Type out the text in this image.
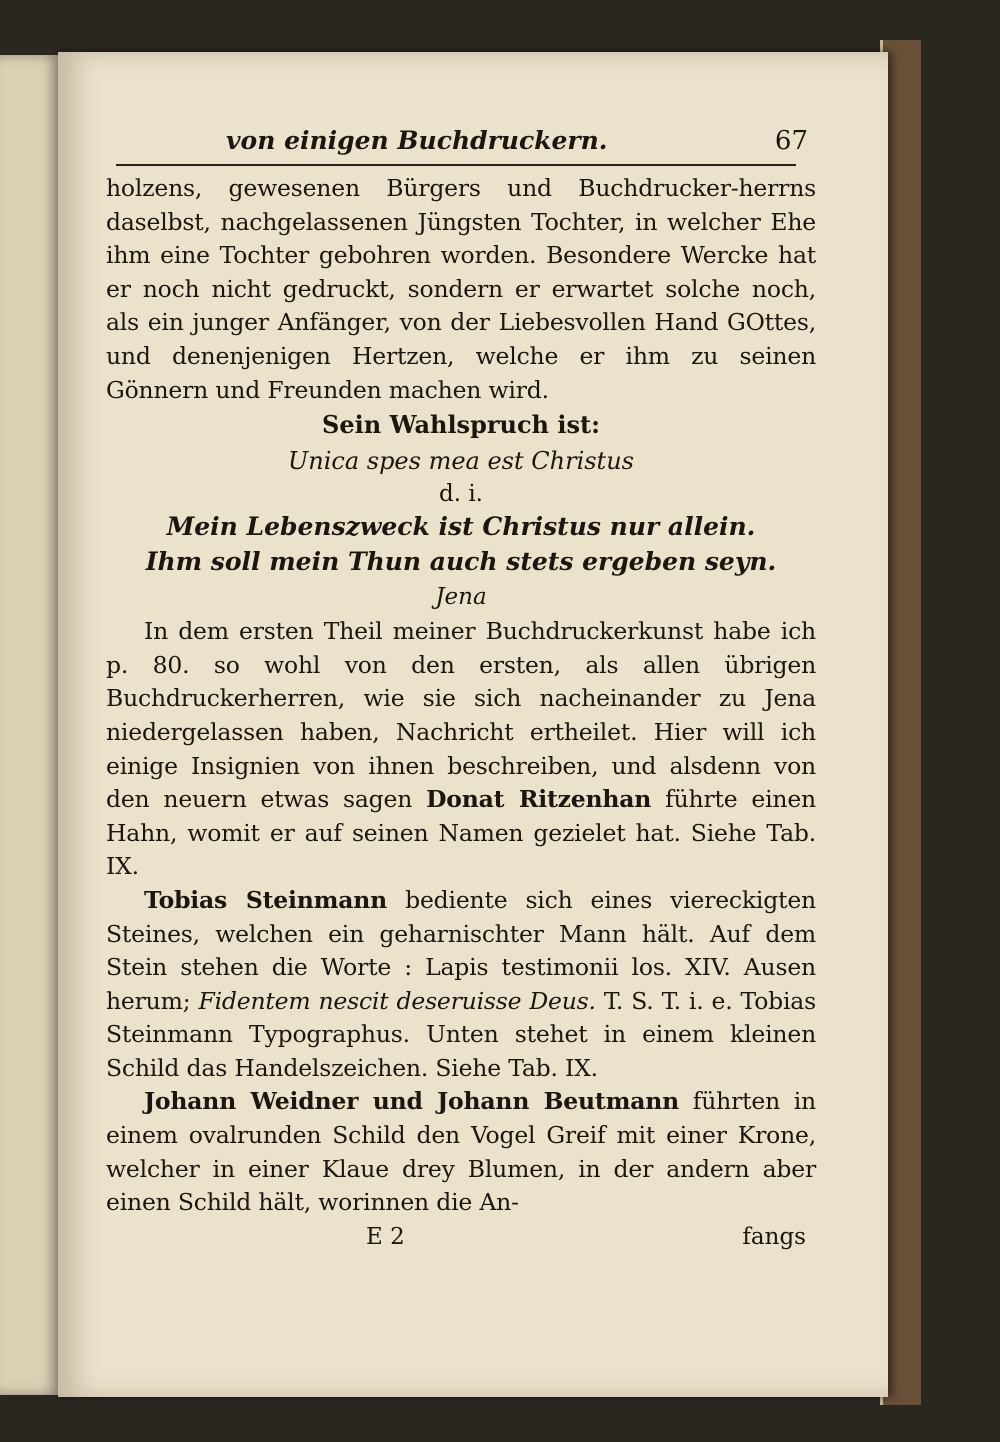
von einigen Buchdruckern.	67

holzens, gewesenen Bürgers und Buchdrucker-herrns daselbst, nachgelassenen Jüngsten Tochter, in welcher Ehe ihm eine Tochter gebohren worden. Besondere Wercke hat er noch nicht gedruckt, sondern er erwartet solche noch, als ein junger Anfänger, von der Liebesvollen Hand GOttes, und denenjenigen Hertzen, welche er ihm zu seinen Gönnern und Freunden machen wird.

Sein Wahlspruch ist:

Unica spes mea est Christus

d. i.

Mein Lebenszweck ist Christus nur allein.

Ihm soll mein Thun auch stets ergeben seyn.

Jena

In dem ersten Theil meiner Buchdruckerkunst habe ich p. 80. so wohl von den ersten, als allen übrigen Buchdruckerherren, wie sie sich nacheinander zu Jena niedergelassen haben, Nachricht ertheilet. Hier will ich einige Insignien von ihnen beschreiben, und alsdenn von den neuern etwas sagen Donat Ritzenhan führte einen Hahn, womit er auf seinen Namen gezielet hat. Siehe Tab. IX.

Tobias Steinmann bediente sich eines vіereckigten Steines, welchen ein geharnischter Mann hält. Auf dem Stein stehen die Worte : Lapis testimonii los. XIV. Ausen herum; Fidentem nescit deseruisse Deus. T. S. T. i. e. Tobias Steinmann Typographus. Unten stehet in einem kleinen Schild das Handelszeichen. Siehe Tab. IX.

Johann Weidner und Johann Beutmann führten in einem ovalrunden Schild den Vogel Greif mit einer Krone, welcher in einer Klaue drey Blumen, in der andern aber einen Schild hält, worinnen die An-

E 2	fangs
